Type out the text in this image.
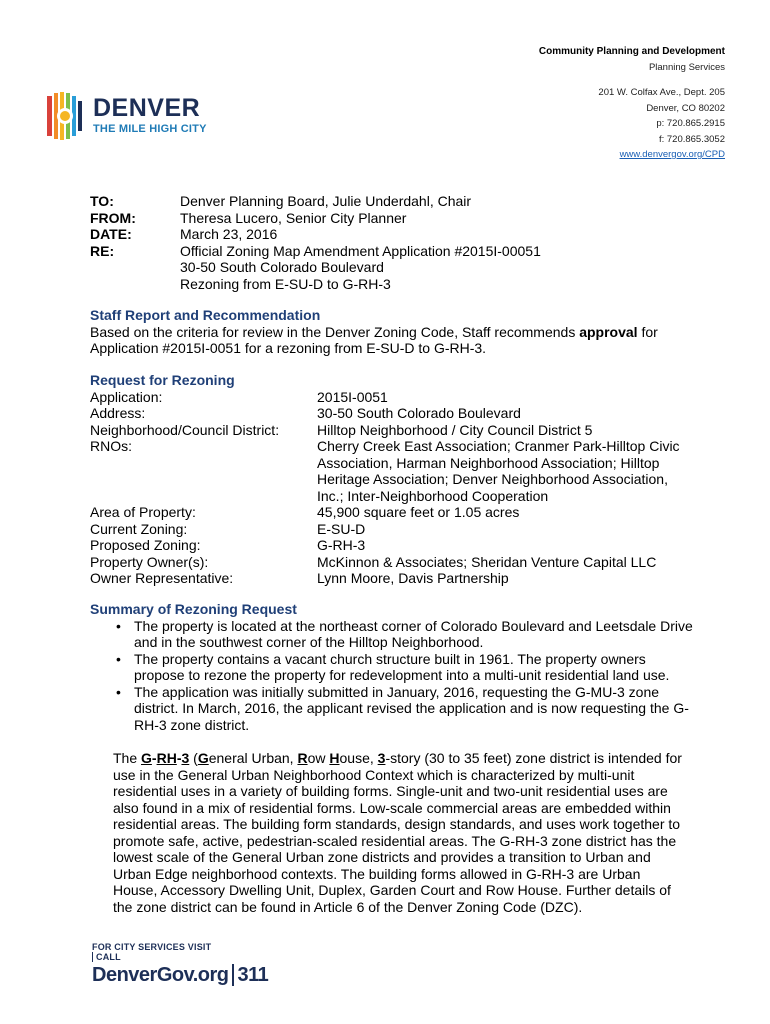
Community Planning and Development
Planning Services
201 W. Colfax Ave., Dept. 205
Denver, CO 80202
p: 720.865.2915
f: 720.865.3052
www.denvergov.org/CPD
DENVER
THE MILE HIGH CITY
TO:	Denver Planning Board, Julie Underdahl, Chair
FROM:	Theresa Lucero, Senior City Planner
DATE:	March 23, 2016
RE:	Official Zoning Map Amendment Application #2015I-00051
30-50 South Colorado Boulevard
Rezoning from E-SU-D to G-RH-3
Staff Report and Recommendation
Based on the criteria for review in the Denver Zoning Code, Staff recommends approval for Application #2015I-0051 for a rezoning from E-SU-D to G-RH-3.
Request for Rezoning
Application:	2015I-0051
Address:	30-50 South Colorado Boulevard
Neighborhood/Council District:	Hilltop Neighborhood / City Council District 5
RNOs:	Cherry Creek East Association; Cranmer Park-Hilltop Civic Association, Harman Neighborhood Association; Hilltop Heritage Association; Denver Neighborhood Association, Inc.; Inter-Neighborhood Cooperation
Area of Property:	45,900 square feet or 1.05 acres
Current Zoning:	E-SU-D
Proposed Zoning:	G-RH-3
Property Owner(s):	McKinnon & Associates; Sheridan Venture Capital LLC
Owner Representative:	Lynn Moore, Davis Partnership
Summary of Rezoning Request
• The property is located at the northeast corner of Colorado Boulevard and Leetsdale Drive and in the southwest corner of the Hilltop Neighborhood.
• The property contains a vacant church structure built in 1961. The property owners propose to rezone the property for redevelopment into a multi-unit residential land use.
• The application was initially submitted in January, 2016, requesting the G-MU-3 zone district. In March, 2016, the applicant revised the application and is now requesting the G-RH-3 zone district.
The G-RH-3 (General Urban, Row House, 3-story (30 to 35 feet) zone district is intended for use in the General Urban Neighborhood Context which is characterized by multi-unit residential uses in a variety of building forms. Single-unit and two-unit residential uses are also found in a mix of residential forms. Low-scale commercial areas are embedded within residential areas. The building form standards, design standards, and uses work together to promote safe, active, pedestrian-scaled residential areas. The G-RH-3 zone district has the lowest scale of the General Urban zone districts and provides a transition to Urban and Urban Edge neighborhood contexts. The building forms allowed in G-RH-3 are Urban House, Accessory Dwelling Unit, Duplex, Garden Court and Row House. Further details of the zone district can be found in Article 6 of the Denver Zoning Code (DZC).
FOR CITY SERVICES VISIT CALL
DenverGov.org 311
